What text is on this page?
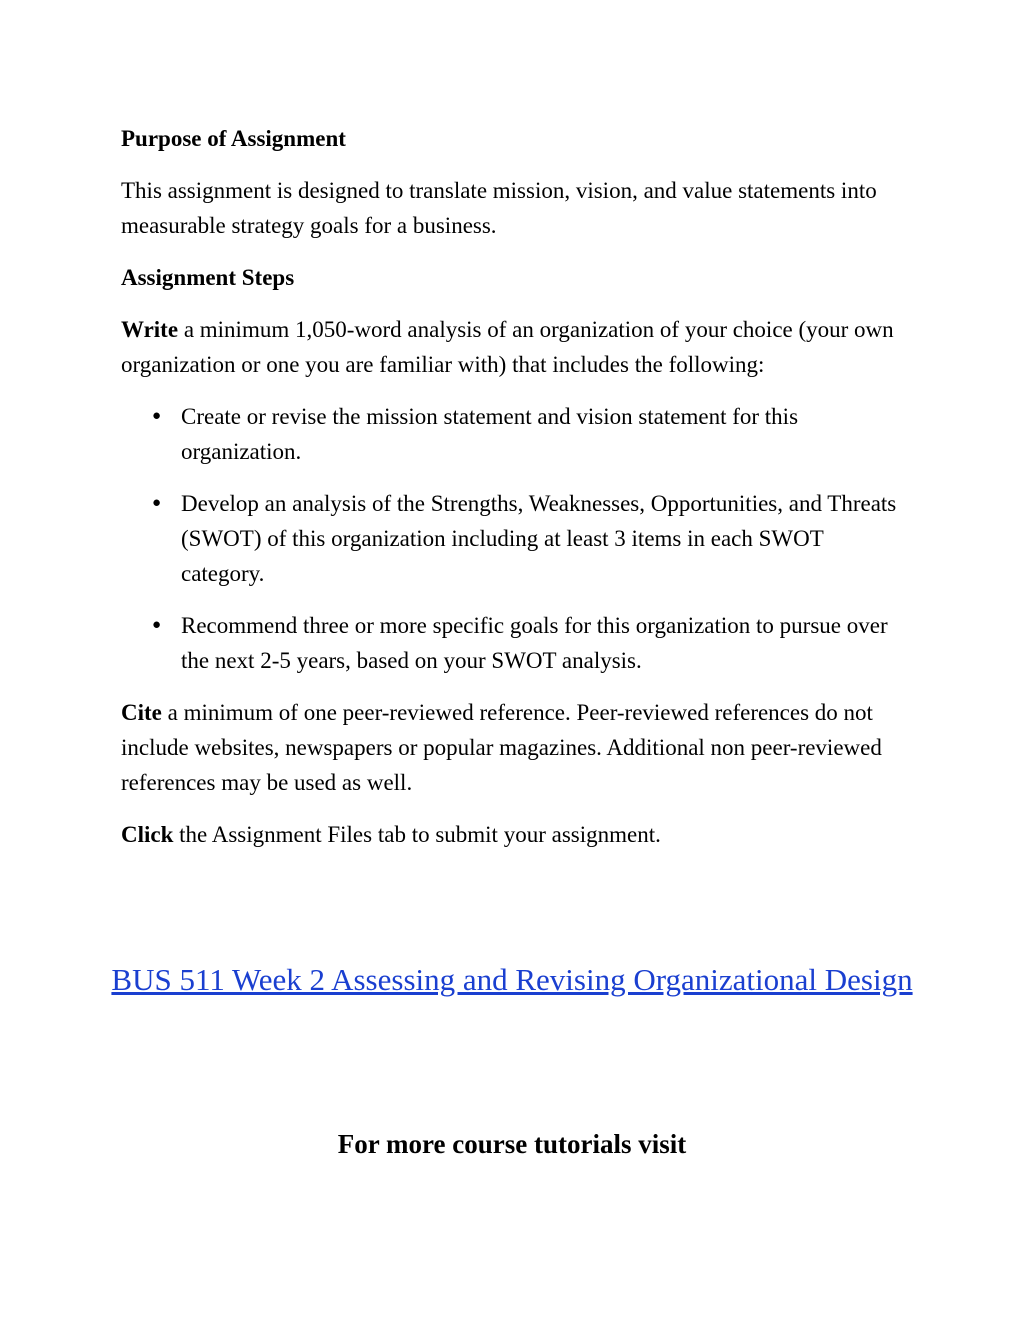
Purpose of Assignment
This assignment is designed to translate mission, vision, and value statements into measurable strategy goals for a business.
Assignment Steps
Write a minimum 1,050-word analysis of an organization of your choice (your own organization or one you are familiar with) that includes the following:
● Create or revise the mission statement and vision statement for this organization.
● Develop an analysis of the Strengths, Weaknesses, Opportunities, and Threats (SWOT) of this organization including at least 3 items in each SWOT category.
● Recommend three or more specific goals for this organization to pursue over the next 2-5 years, based on your SWOT analysis.
Cite a minimum of one peer-reviewed reference. Peer-reviewed references do not include websites, newspapers or popular magazines. Additional non peer-reviewed references may be used as well.
Click the Assignment Files tab to submit your assignment.
BUS 511 Week 2 Assessing and Revising Organizational Design
For more course tutorials visit
